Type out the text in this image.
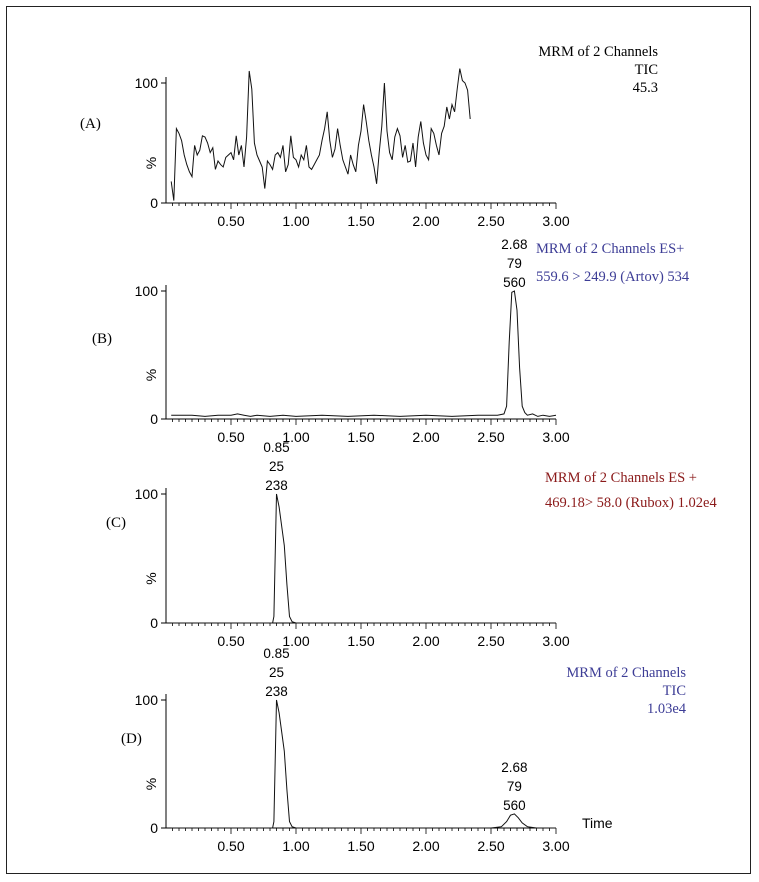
(A)
MRM of 2 Channels
TIC
45.3
0
100
%
0.50	1.00	1.50	2.00	2.50	3.00
(B)
MRM of 2 Channels ES+
559.6 > 249.9 (Artov) 534
0
100
%
0.50	1.00	1.50	2.00	2.50	3.00
2.68
79
560
(C)
MRM of 2 Channels ES +
469.18> 58.0 (Rubox) 1.02e4
0
100
%
0.50	1.00	1.50	2.00	2.50	3.00
0.85
25
238
(D)
MRM of 2 Channels
TIC
1.03e4
0
100
%
0.50	1.00	1.50	2.00	2.50	3.00
0.85
25
238
2.68
79
560
Time
